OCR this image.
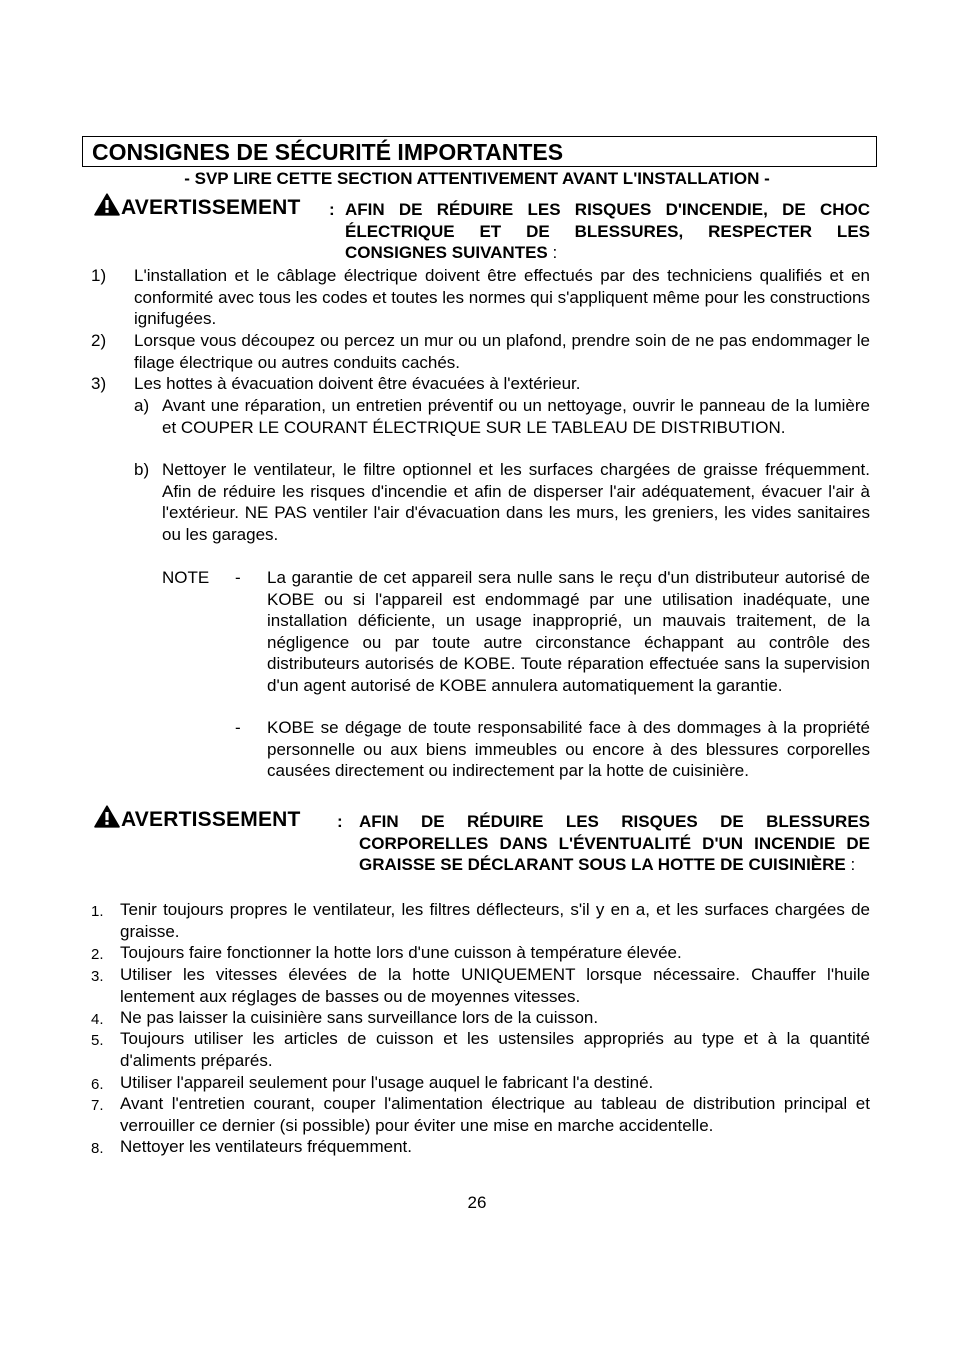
CONSIGNES DE SÉCURITÉ IMPORTANTES
- SVP LIRE CETTE SECTION ATTENTIVEMENT AVANT L'INSTALLATION -
AVERTISSEMENT : AFIN DE RÉDUIRE LES RISQUES D'INCENDIE, DE CHOC ÉLECTRIQUE ET DE BLESSURES, RESPECTER LES CONSIGNES SUIVANTES :
1) L'installation et le câblage électrique doivent être effectués par des techniciens qualifiés et en conformité avec tous les codes et toutes les normes qui s'appliquent même pour les constructions ignifugées.
2) Lorsque vous découpez ou percez un mur ou un plafond, prendre soin de ne pas endommager le filage électrique ou autres conduits cachés.
3) Les hottes à évacuation doivent être évacuées à l'extérieur.
a) Avant une réparation, un entretien préventif ou un nettoyage, ouvrir le panneau de la lumière et COUPER LE COURANT ÉLECTRIQUE SUR LE TABLEAU DE DISTRIBUTION.
b) Nettoyer le ventilateur, le filtre optionnel et les surfaces chargées de graisse fréquemment. Afin de réduire les risques d'incendie et afin de disperser l'air adéquatement, évacuer l'air à l'extérieur. NE PAS ventiler l'air d'évacuation dans les murs, les greniers, les vides sanitaires ou les garages.
NOTE - La garantie de cet appareil sera nulle sans le reçu d'un distributeur autorisé de KOBE ou si l'appareil est endommagé par une utilisation inadéquate, une installation déficiente, un usage inapproprié, un mauvais traitement, de la négligence ou par toute autre circonstance échappant au contrôle des distributeurs autorisés de KOBE. Toute réparation effectuée sans la supervision d'un agent autorisé de KOBE annulera automatiquement la garantie.
- KOBE se dégage de toute responsabilité face à des dommages à la propriété personnelle ou aux biens immeubles ou encore à des blessures corporelles causées directement ou indirectement par la hotte de cuisinière.
AVERTISSEMENT : AFIN DE RÉDUIRE LES RISQUES DE BLESSURES CORPORELLES DANS L'ÉVENTUALITÉ D'UN INCENDIE DE GRAISSE SE DÉCLARANT SOUS LA HOTTE DE CUISINIÈRE :
1. Tenir toujours propres le ventilateur, les filtres déflecteurs, s'il y en a, et les surfaces chargées de graisse.
2. Toujours faire fonctionner la hotte lors d'une cuisson à température élevée.
3. Utiliser les vitesses élevées de la hotte UNIQUEMENT lorsque nécessaire. Chauffer l'huile lentement aux réglages de basses ou de moyennes vitesses.
4. Ne pas laisser la cuisinière sans surveillance lors de la cuisson.
5. Toujours utiliser les articles de cuisson et les ustensiles appropriés au type et à la quantité d'aliments préparés.
6. Utiliser l'appareil seulement pour l'usage auquel le fabricant l'a destiné.
7. Avant l'entretien courant, couper l'alimentation électrique au tableau de distribution principal et verrouiller ce dernier (si possible) pour éviter une mise en marche accidentelle.
8. Nettoyer les ventilateurs fréquemment.
26
